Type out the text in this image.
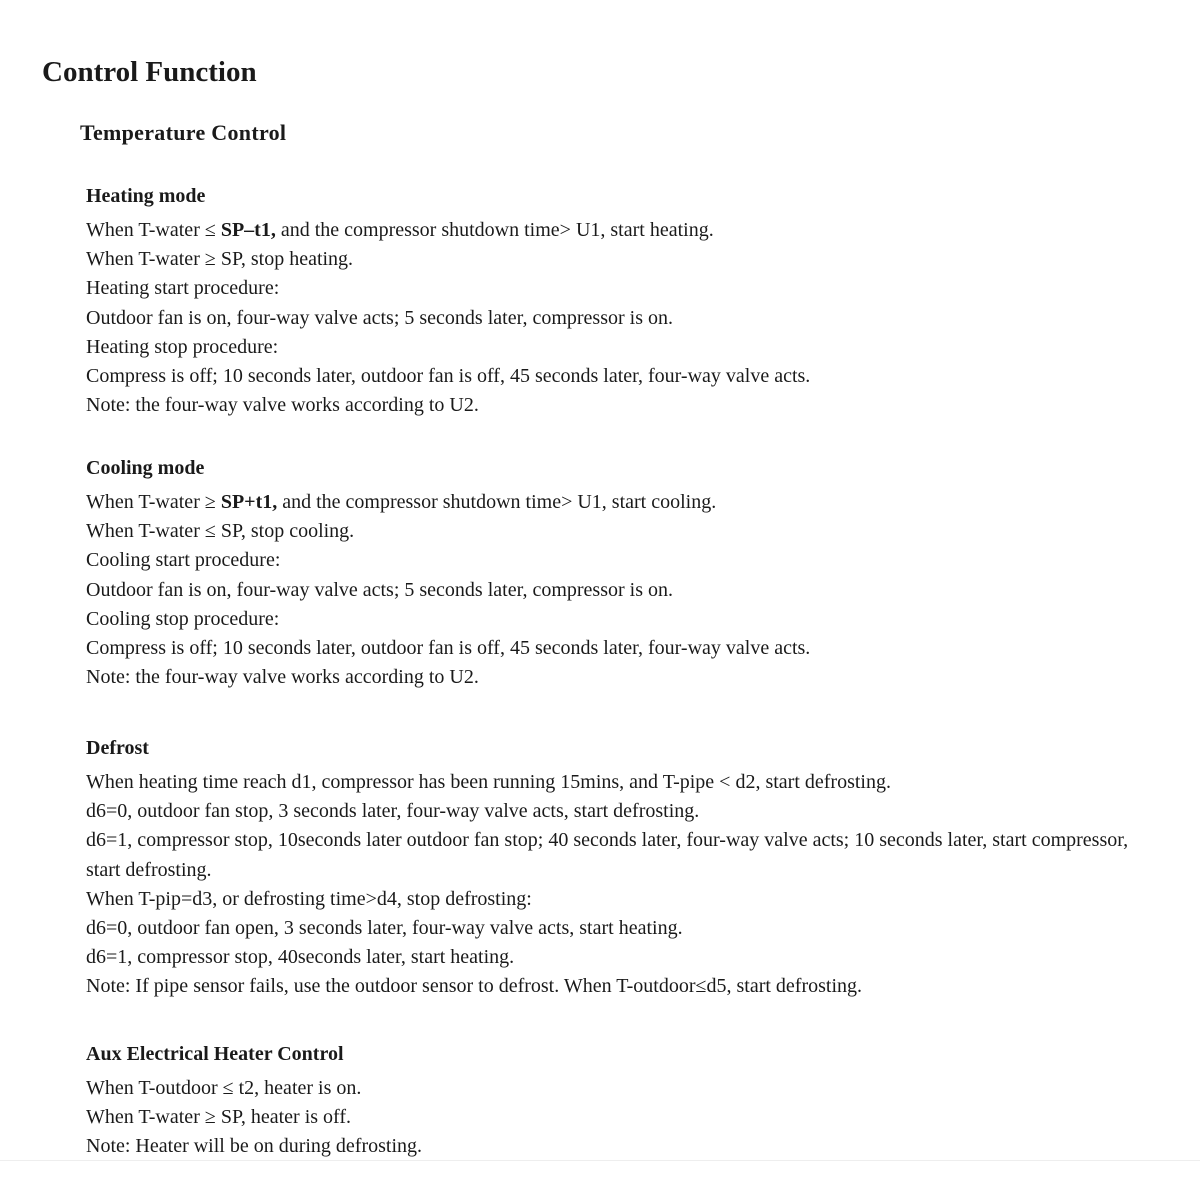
Control Function
Temperature Control
Heating mode
When T-water ≤ SP–t1, and the compressor shutdown time> U1, start heating.
When T-water ≥ SP, stop heating.
Heating start procedure:
Outdoor fan is on, four-way valve acts; 5 seconds later, compressor is on.
Heating stop procedure:
Compress is off; 10 seconds later, outdoor fan is off, 45 seconds later, four-way valve acts.
Note: the four-way valve works according to U2.
Cooling mode
When T-water ≥ SP+t1, and the compressor shutdown time> U1, start cooling.
When T-water ≤ SP, stop cooling.
Cooling start procedure:
Outdoor fan is on, four-way valve acts; 5 seconds later, compressor is on.
Cooling stop procedure:
Compress is off; 10 seconds later, outdoor fan is off, 45 seconds later, four-way valve acts.
Note: the four-way valve works according to U2.
Defrost
When heating time reach d1, compressor has been running 15mins, and T-pipe < d2, start defrosting.
d6=0, outdoor fan stop, 3 seconds later, four-way valve acts, start defrosting.
d6=1, compressor stop, 10seconds later outdoor fan stop; 40 seconds later, four-way valve acts; 10 seconds later, start compressor, start defrosting.
When T-pip=d3, or defrosting time>d4, stop defrosting:
d6=0, outdoor fan open, 3 seconds later, four-way valve acts, start heating.
d6=1, compressor stop, 40seconds later, start heating.
Note: If pipe sensor fails, use the outdoor sensor to defrost. When T-outdoor≤d5, start defrosting.
Aux Electrical Heater Control
When T-outdoor ≤ t2, heater is on.
When T-water ≥ SP, heater is off.
Note: Heater will be on during defrosting.
